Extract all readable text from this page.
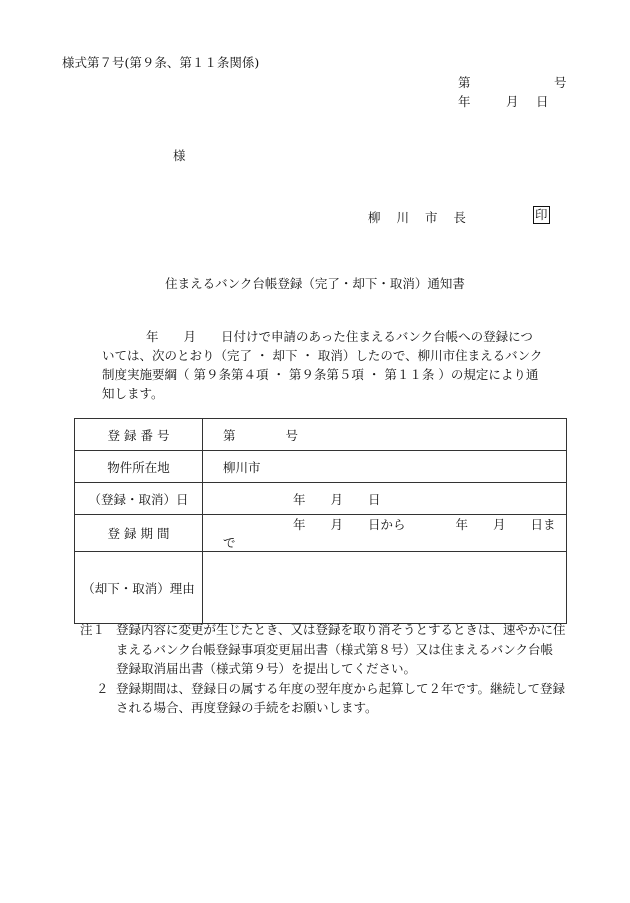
様式第７号(第９条、第１１条関係)
第	号
年	月	日
様
柳 川 市 長	印
住まえるバンク台帳登録（完了・却下・取消）通知書
年　　月　　日付けで申請のあった住まえるバンク台帳への登録につ
いては、次のとおり（完了 ・ 却下 ・ 取消）したので、柳川市住まえるバンク
制度実施要綱（ 第９条第４項 ・ 第９条第５項 ・ 第１１条 ）の規定により通
知します。
登 録 番 号	第　　　　号
物件所在地	柳川市
（登録・取消）日	年　　月　　日
登 録 期 間	年　　月　　日から　　　　年　　月　　日まで
（却下・取消）理由	
注１ 登録内容に変更が生じたとき、又は登録を取り消そうとするときは、速やかに住
まえるバンク台帳登録事項変更届出書（様式第８号）又は住まえるバンク台帳
登録取消届出書（様式第９号）を提出してください。
２ 登録期間は、登録日の属する年度の翌年度から起算して２年です。継続して登録
される場合、再度登録の手続をお願いします。
